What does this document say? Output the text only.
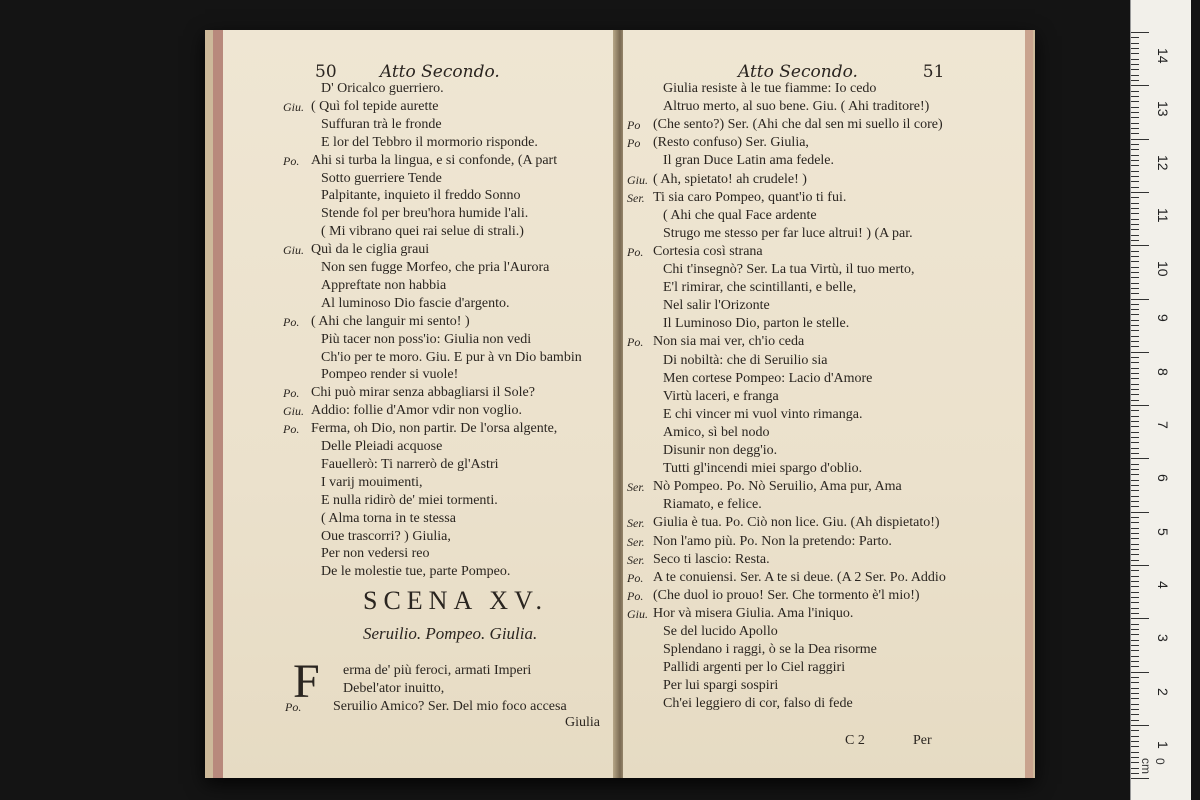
50	Atto Secondo.
D' Oricalco guerriero.
Giu. ( Quì fol tepide aurette
Suffuran trà le fronde
E lor del Tebbro il mormorio risponde.
Po. Ahi si turba la lingua, e si confonde, (A part
Sotto guerriere Tende
Palpitante, inquieto il freddo Sonno
Stende fol per breu'hora humide l'ali.
( Mi vibrano quei rai selue di strali.)
Giu. Quì da le ciglia graui
Non sen fugge Morfeo, che pria l'Aurora
Appreftate non habbia
Al luminoso Dio fascie d'argento.
Po. ( Ahi che languir mi sento! )
Più tacer non poss'io: Giulia non vedi
Ch'io per te moro. Giu. E pur à vn Dio bambin
Pompeo render si vuole!
Po. Chi può mirar senza abbagliarsi il Sole?
Giu. Addio: follie d'Amor vdir non voglio.
Po. Ferma, oh Dio, non partir. De l'orsa algente,
Delle Pleiadi acquose
Fauellerò: Ti narrerò de gl'Astri
I varij mouimenti,
E nulla ridirò de' miei tormenti.
( Alma torna in te stessa
Oue trascorri? ) Giulia,
Per non vedersi reo
De le molestie tue, parte Pompeo.
SCENA XV.
Seruilio. Pompeo. Giulia.
F erma de' più feroci, armati Imperi
Debel'ator inuitto,
Po. Seruilio Amico? Ser. Del mio foco accesa
Giulia
Atto Secondo.	51
Giulia resiste à le tue fiamme: Io cedo
Altruo merto, al suo bene. Giu. ( Ahi traditore!)
Po (Che sento?) Ser. (Ahi che dal sen mi suello il core)
Po (Resto confuso) Ser. Giulia,
Il gran Duce Latin ama fedele.
Giu. ( Ah, spietato! ah crudele! )
Ser. Ti sia caro Pompeo, quant'io ti fui.
( Ahi che qual Face ardente
Strugo me stesso per far luce altrui! ) (A par.
Po. Cortesia così strana
Chi t'insegnò? Ser. La tua Virtù, il tuo merto,
E'l rimirar, che scintillanti, e belle,
Nel salir l'Orizonte
Il Luminoso Dio, parton le stelle.
Po. Non sia mai ver, ch'io ceda
Di nobiltà: che di Seruilio sia
Men cortese Pompeo: Lacio d'Amore
Virtù laceri, e franga
E chi vincer mi vuol vinto rimanga.
Amico, sì bel nodo
Disunir non degg'io.
Tutti gl'incendi miei spargo d'oblio.
Ser. Nò Pompeo. Po. Nò Seruilio, Ama pur, Ama
Riamato, e felice.
Ser. Giulia è tua. Po. Ciò non lice. Giu. (Ah dispietato!)
Ser. Non l'amo più. Po. Non la pretendo: Parto.
Ser. Seco ti lascio: Resta.
Po. A te conuiensi. Ser. A te si deue. (A 2 Ser. Po. Addio
Po. (Che duol io prouo! Ser. Che tormento è'l mio!)
Giu. Hor và misera Giulia. Ama l'iniquo.
Se del lucido Apollo
Splendano i raggi, ò se la Dea risorme
Pallidi argenti per lo Ciel raggiri
Per lui spargi sospiri
Ch'ei leggiero di cor, falso di fede
C 2	Per
14
13
12
11
10
9
8
7
6
5
4
3
2
1
0 cm
